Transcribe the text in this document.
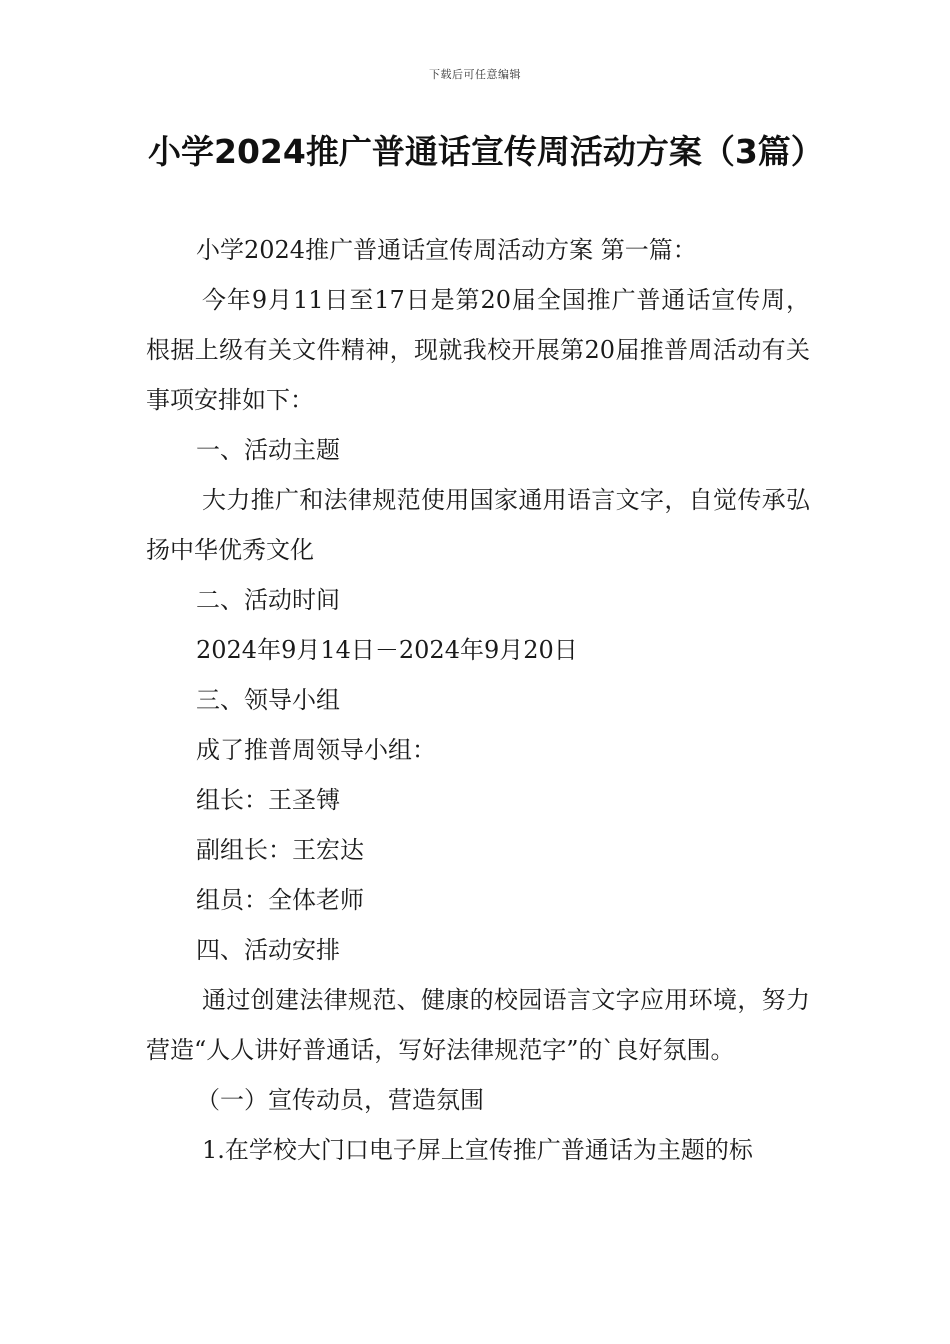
下载后可任意编辑
小学2024推广普通话宣传周活动方案（3篇）

小学2024推广普通话宣传周活动方案 第一篇：

今年9月11日至17日是第20届全国推广普通话宣传周，根据上级有关文件精神，现就我校开展第20届推普周活动有关事项安排如下：

一、活动主题

大力推广和法律规范使用国家通用语言文字，自觉传承弘扬中华优秀文化

二、活动时间

2024年9月14日－2024年9月20日

三、领导小组

成了推普周领导小组：

组长：王圣镈

副组长：王宏达

组员：全体老师

四、活动安排

通过创建法律规范、健康的校园语言文字应用环境，努力营造“人人讲好普通话，写好法律规范字”的`良好氛围。

（一）宣传动员，营造氛围

1.在学校大门口电子屏上宣传推广普通话为主题的标
